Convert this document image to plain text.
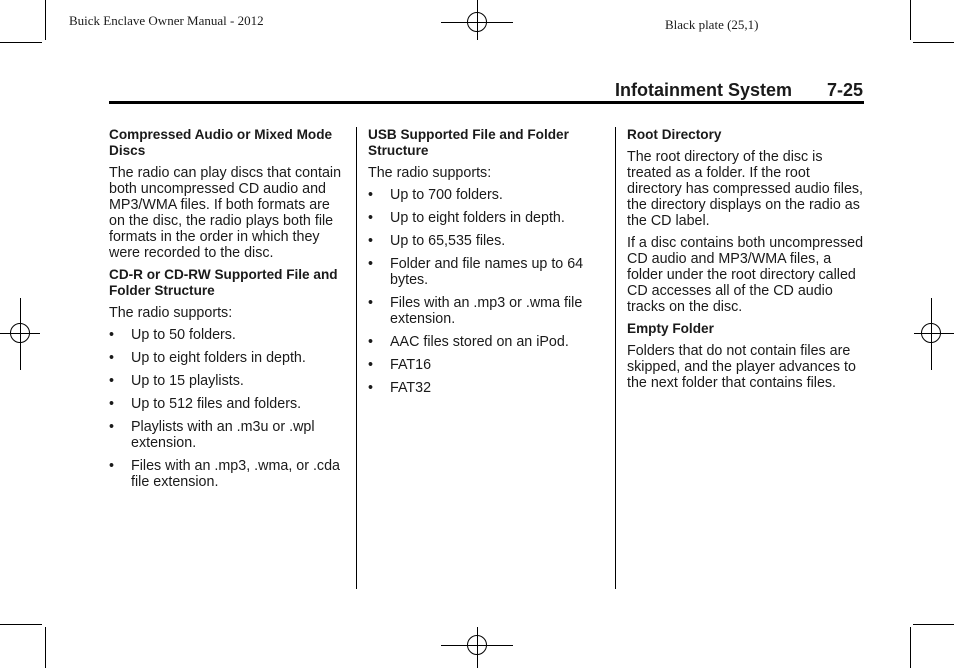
Buick Enclave Owner Manual - 2012	Black plate (25,1)
Infotainment System 7-25
Compressed Audio or Mixed Mode Discs

The radio can play discs that contain both uncompressed CD audio and MP3/WMA files. If both formats are on the disc, the radio plays both file formats in the order in which they were recorded to the disc.

CD-R or CD-RW Supported File and Folder Structure

The radio supports:

• Up to 50 folders.
• Up to eight folders in depth.
• Up to 15 playlists.
• Up to 512 files and folders.
• Playlists with an .m3u or .wpl extension.
• Files with an .mp3, .wma, or .cda file extension.
USB Supported File and Folder Structure

The radio supports:

• Up to 700 folders.
• Up to eight folders in depth.
• Up to 65,535 files.
• Folder and file names up to 64 bytes.
• Files with an .mp3 or .wma file extension.
• AAC files stored on an iPod.
• FAT16
• FAT32
Root Directory

The root directory of the disc is treated as a folder. If the root directory has compressed audio files, the directory displays on the radio as the CD label.

If a disc contains both uncompressed CD audio and MP3/WMA files, a folder under the root directory called CD accesses all of the CD audio tracks on the disc.

Empty Folder

Folders that do not contain files are skipped, and the player advances to the next folder that contains files.
